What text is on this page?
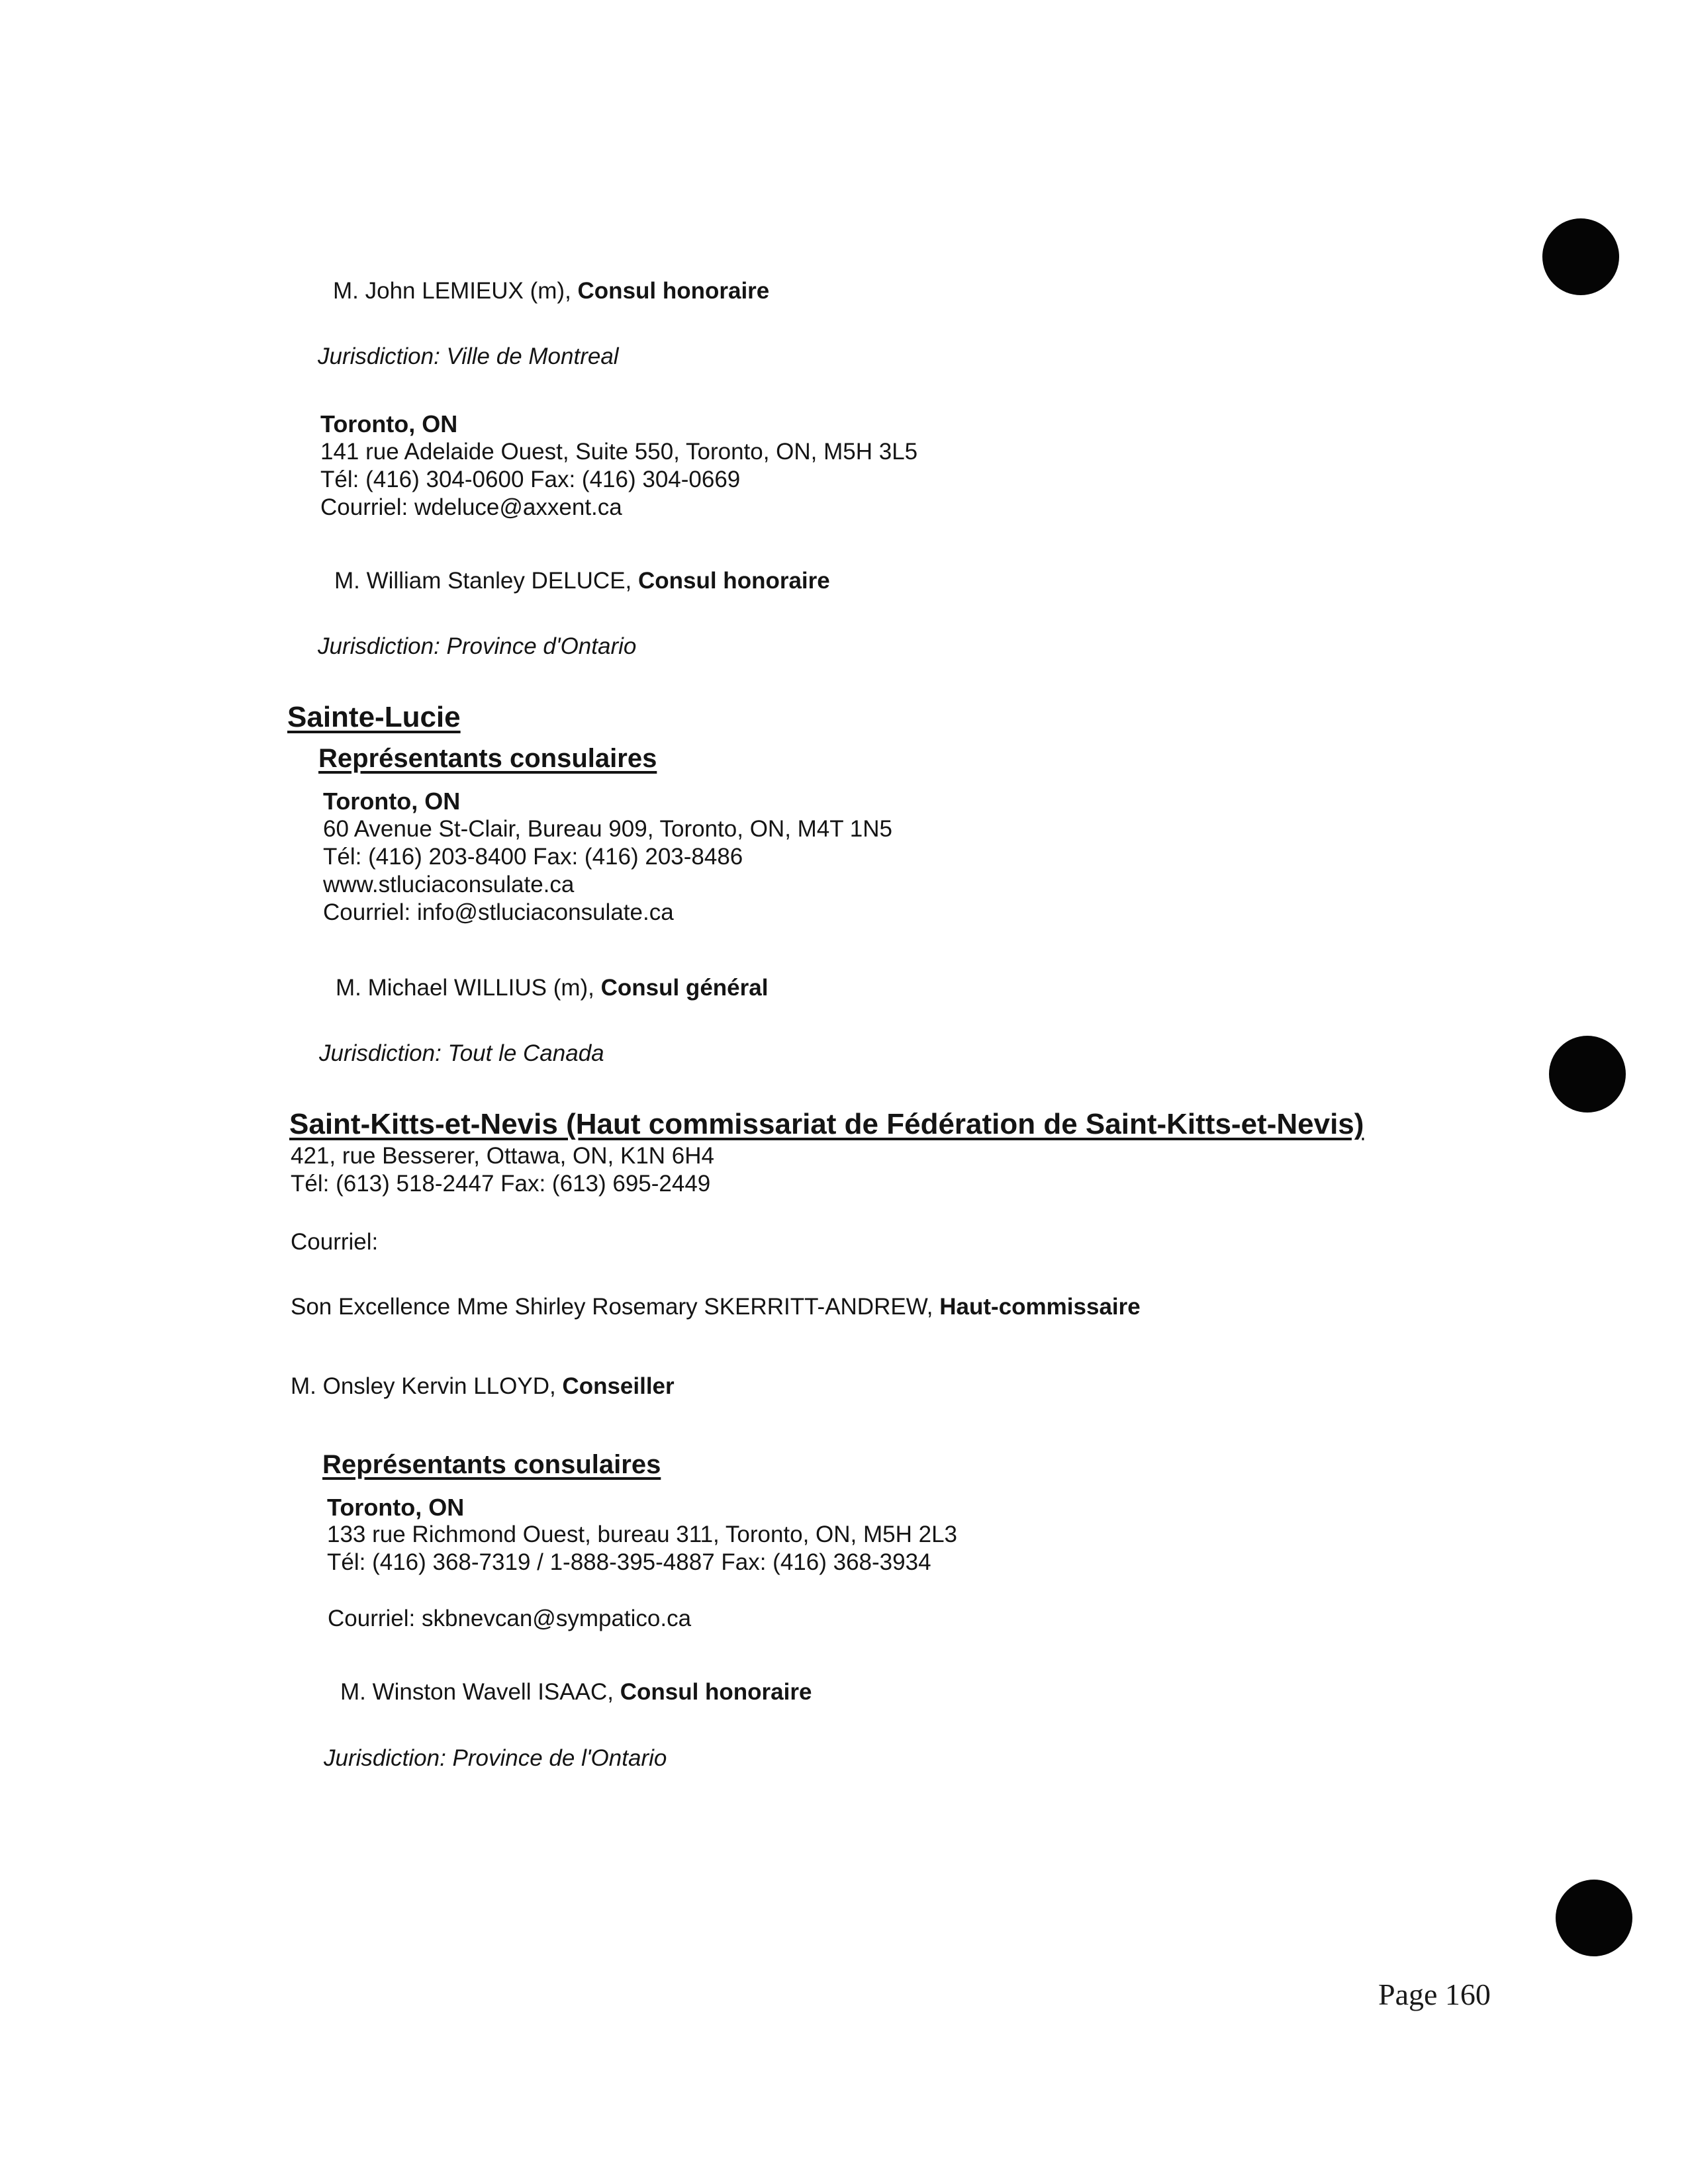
M. John LEMIEUX (m), Consul honoraire
Jurisdiction: Ville de Montreal
Toronto, ON
141 rue Adelaide Ouest, Suite 550, Toronto, ON, M5H 3L5
Tél: (416) 304-0600 Fax: (416) 304-0669
Courriel: wdeluce@axxent.ca
M. William Stanley DELUCE, Consul honoraire
Jurisdiction: Province d'Ontario
Sainte-Lucie
Représentants consulaires
Toronto, ON
60 Avenue St-Clair, Bureau 909, Toronto, ON, M4T 1N5
Tél: (416) 203-8400 Fax: (416) 203-8486
www.stluciaconsulate.ca
Courriel: info@stluciaconsulate.ca
M. Michael WILLIUS (m), Consul général
Jurisdiction: Tout le Canada
Saint-Kitts-et-Nevis (Haut commissariat de Fédération de Saint-Kitts-et-Nevis)
421, rue Besserer, Ottawa, ON, K1N 6H4
Tél: (613) 518-2447 Fax: (613) 695-2449
Courriel:
Son Excellence Mme Shirley Rosemary SKERRITT-ANDREW, Haut-commissaire
M. Onsley Kervin LLOYD, Conseiller
Représentants consulaires
Toronto, ON
133 rue Richmond Ouest, bureau 311, Toronto, ON, M5H 2L3
Tél: (416) 368-7319 / 1-888-395-4887 Fax: (416) 368-3934
Courriel: skbnevcan@sympatico.ca
M. Winston Wavell ISAAC, Consul honoraire
Jurisdiction: Province de l'Ontario
Page 160
